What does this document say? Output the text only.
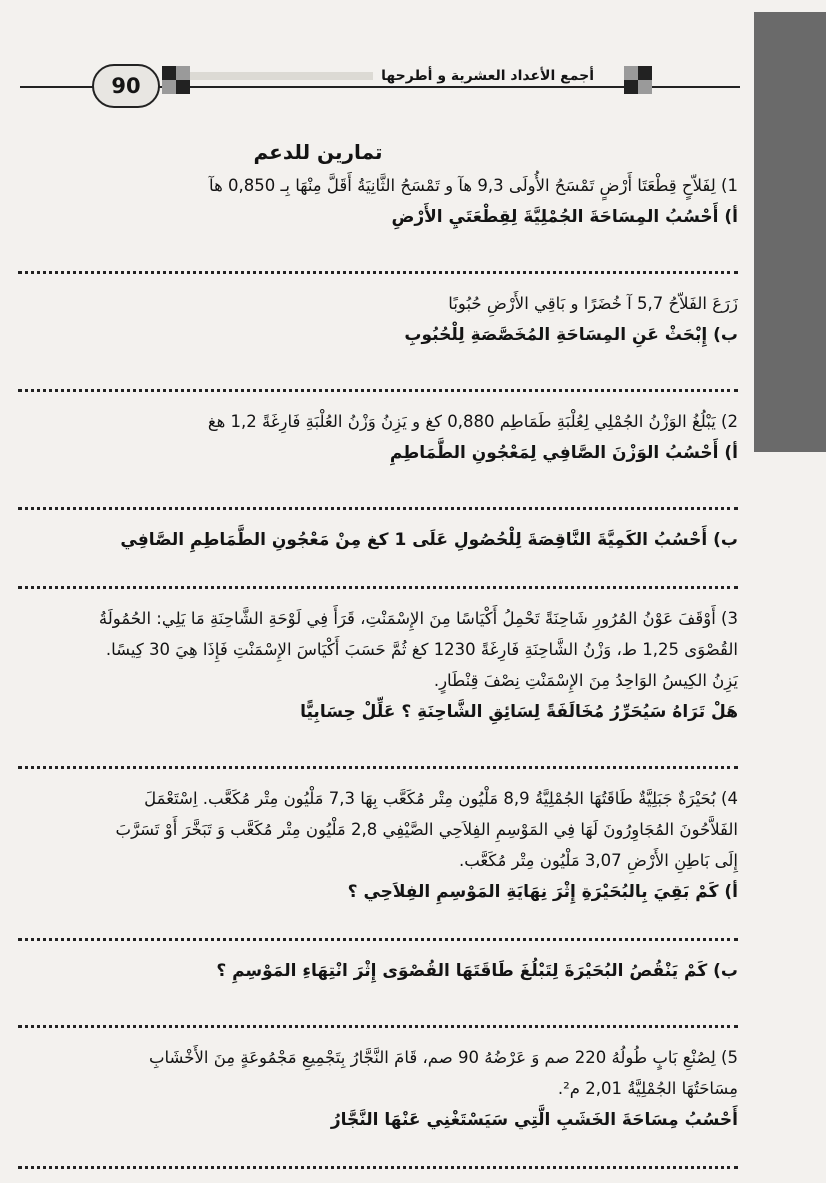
90	أجمع الأعداد العشرية و أطرحها
تمارين للدعم

1) لِفَلاّحٍ قِطْعَتَا أَرْضٍ تَمْسَحُ الأُولَى 9,3 هآ و تَمْسَحُ الثَّانِيَةُ أَقَلَّ مِنْهَا بِـ 0,850 هآ

أ) أَحْسُبُ المِسَاحَةَ الجُمْلِيَّةَ لِقِطْعَتَيِ الأَرْضِ

زَرَعَ الفَلاّحُ 5,7 آ خُضَرًا و بَاقِي الأَرْضِ حُبُوبًا

ب) إِبْحَثْ عَنِ المِسَاحَةِ المُخَصَّصَةِ لِلْحُبُوبِ

2) يَبْلُغُ الوَزْنُ الجُمْلِي لِعُلْبَةِ طَمَاطِم 0,880 كغ و يَزِنُ وَزْنُ العُلْبَةِ فَارِغَةً 1,2 هغ

أ) أَحْسُبُ الوَزْنَ الصَّافِي لِمَعْجُونِ الطَّمَاطِمِ

ب) أَحْسُبُ الكَمِيَّةَ النَّاقِصَةَ لِلْحُصُولِ عَلَى 1 كغ مِنْ مَعْجُونِ الطَّمَاطِمِ الصَّافِي

3) أَوْقَفَ عَوْنُ المُرُورِ شَاحِنَةً تَحْمِلُ أَكْيَاسًا مِنَ الإِسْمَنْتِ، قَرَأَ فِي لَوْحَةِ الشَّاحِنَةِ مَا يَلِي: الحُمُولَةُ

القُصْوَى 1,25 ط، وَزْنُ الشَّاحِنَةِ فَارِغَةً 1230 كغ ثُمَّ حَسَبَ أَكْيَاسَ الإِسْمَنْتِ فَإِذَا هِيَ 30 كِيسًا.

يَزِنُ الكِيسُ الوَاحِدُ مِنَ الإِسْمَنْتِ نِصْفَ قِنْطَارٍ.

هَلْ تَرَاهُ سَيُحَرِّرُ مُخَالَفَةً لِسَائِقِ الشَّاحِنَةِ ؟ عَلِّلْ حِسَابِيًّا

4) بُحَيْرَةٌ جَبَلِيَّةٌ طَاقَتُهَا الجُمْلِيَّةُ 8,9 مَلْيُون مِتْر مُكَعَّب بِهَا 7,3 مَلْيُون مِتْر مُكَعَّب. اِسْتَعْمَلَ

الفَلاَّحُونَ المُجَاوِرُونَ لَهَا فِي المَوْسِمِ الفِلاَحِي الصَّيْفِي 2,8 مَلْيُون مِتْر مُكَعَّب وَ تَبَخَّرَ أَوْ تَسَرَّبَ

إِلَى بَاطِنِ الأَرْضِ 3,07 مَلْيُون مِتْر مُكَعَّب.

أ) كَمْ بَقِيَ بِالبُحَيْرَةِ إِثْرَ نِهَايَةِ المَوْسِمِ الفِلاَحِي ؟

ب) كَمْ يَنْقُصُ البُحَيْرَةَ لِتَبْلُغَ طَاقَتَهَا القُصْوَى إِثْرَ انْتِهَاءِ المَوْسِمِ ؟

5) لِصُنْعِ بَابٍ طُولُهُ 220 صم وَ عَرْضُهُ 90 صم، قَامَ النَّجَّارُ بِتَجْمِيعِ مَجْمُوعَةٍ مِنَ الأَخْشَابِ

مِسَاحَتُهَا الجُمْلِيَّةُ 2,01 م².

أَحْسُبُ مِسَاحَةَ الخَشَبِ الَّتِي سَيَسْتَغْنِي عَنْهَا النَّجَّارُ
